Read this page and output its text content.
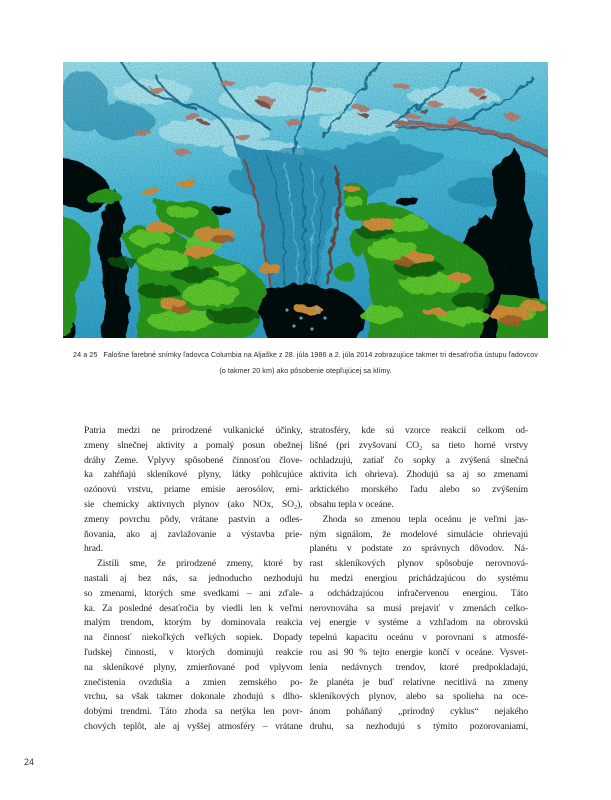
24 a 25 Falošne farebné snímky ľadovca Columbia na Aljaške z 28. júla 1986 a 2. júla 2014 zobrazujúce takmer tri desaťročia ústupu ľadovcov
(o takmer 20 km) ako pôsobenie otepľujúcej sa klímy.
Patria medzi ne prirodzené vulkanické účinky,
zmeny slnečnej aktivity a pomalý posun obežnej
dráhy Zeme. Vplyvy spôsobené činnosťou člove-
ka zahŕňajú skleníkové plyny, látky pohlcujúce
ozónovú vrstvu, priame emisie aerosólov, emi-
sie chemicky aktívnych plynov (ako NOx, SO₂),
zmeny povrchu pôdy, vrátane pastvín a odles-
ňovania, ako aj zavlažovanie a výstavba prie-
hrad.
Zistili sme, že prirodzené zmeny, ktoré by
nastali aj bez nás, sa jednoducho nezhodujú
so zmenami, ktorých sme svedkami – ani zďale-
ka. Za posledné desaťročia by viedli len k veľmi
malým trendom, ktorým by dominovala reakcia
na činnosť niekoľkých veľkých sopiek. Dopady
ľudskej činnosti, v ktorých dominujú reakcie
na skleníkové plyny, zmierňované pod vplyvom
znečistenia ovzdušia a zmien zemského po-
vrchu, sa však takmer dokonale zhodujú s dlho-
dobými trendmi. Táto zhoda sa netýka len povr-
chových teplôt, ale aj vyššej atmosféry – vrátane
stratosféry, kde sú vzorce reakcií celkom od-
lišné (pri zvyšovaní CO₂ sa tieto horné vrstvy
ochladzujú, zatiaľ čo sopky a zvýšená slnečná
aktivita ich ohrieva). Zhodujú sa aj so zmenami
arktického morského ľadu alebo so zvýšením
obsahu tepla v oceáne.
Zhoda so zmenou tepla oceánu je veľmi jas-
ným signálom, že modelové simulácie ohrievajú
planétu v podstate zo správnych dôvodov. Ná-
rast skleníkových plynov spôsobuje nerovnová-
hu medzi energiou prichádzajúcou do systému
a odchádzajúcou infračervenou energiou. Táto
nerovnováha sa musí prejaviť v zmenách celko-
vej energie v systéme a vzhľadom na obrovskú
tepelnú kapacitu oceánu v porovnaní s atmosfé-
rou asi 90 % tejto energie končí v oceáne. Vysvet-
lenia nedávnych trendov, ktoré predpokladajú,
že planéta je buď relatívne necitlivá na zmeny
skleníkových plynov, alebo sa spolieha na oce-
ánom poháňaný „prírodný cyklus“ nejakého
druhu, sa nezhodujú s týmito pozorovaniami,
24
